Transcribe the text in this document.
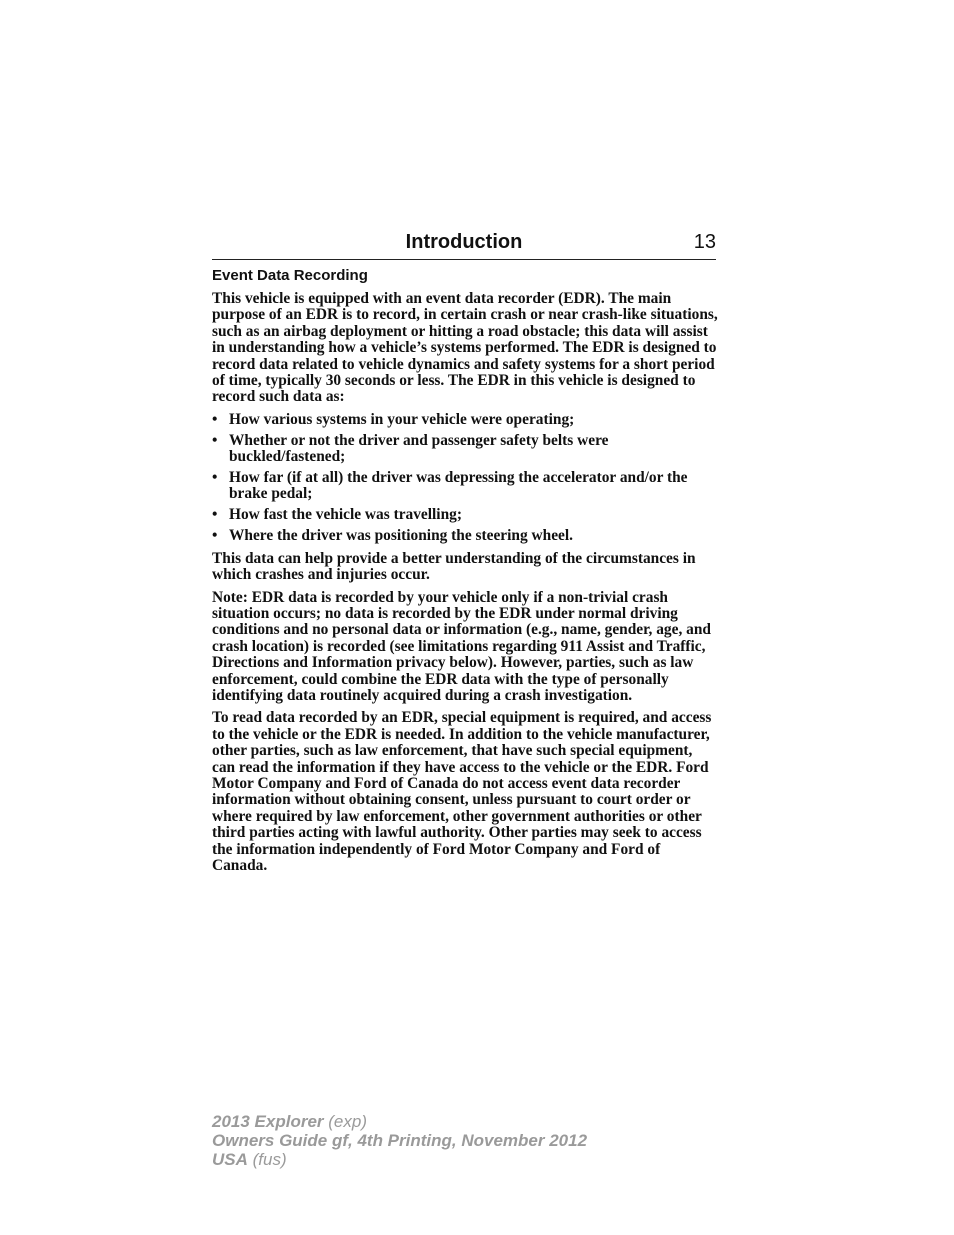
Introduction	13
Event Data Recording

This vehicle is equipped with an event data recorder (EDR). The main purpose of an EDR is to record, in certain crash or near crash-like situations, such as an airbag deployment or hitting a road obstacle; this data will assist in understanding how a vehicle’s systems performed. The EDR is designed to record data related to vehicle dynamics and safety systems for a short period of time, typically 30 seconds or less. The EDR in this vehicle is designed to record such data as:

• How various systems in your vehicle were operating;
• Whether or not the driver and passenger safety belts were buckled/fastened;
• How far (if at all) the driver was depressing the accelerator and/or the brake pedal;
• How fast the vehicle was travelling;
• Where the driver was positioning the steering wheel.

This data can help provide a better understanding of the circumstances in which crashes and injuries occur.

Note: EDR data is recorded by your vehicle only if a non-trivial crash situation occurs; no data is recorded by the EDR under normal driving conditions and no personal data or information (e.g., name, gender, age, and crash location) is recorded (see limitations regarding 911 Assist and Traffic, Directions and Information privacy below). However, parties, such as law enforcement, could combine the EDR data with the type of personally identifying data routinely acquired during a crash investigation.

To read data recorded by an EDR, special equipment is required, and access to the vehicle or the EDR is needed. In addition to the vehicle manufacturer, other parties, such as law enforcement, that have such special equipment, can read the information if they have access to the vehicle or the EDR. Ford Motor Company and Ford of Canada do not access event data recorder information without obtaining consent, unless pursuant to court order or where required by law enforcement, other government authorities or other third parties acting with lawful authority. Other parties may seek to access the information independently of Ford Motor Company and Ford of Canada.

2013 Explorer (exp)
Owners Guide gf, 4th Printing, November 2012
USA (fus)
